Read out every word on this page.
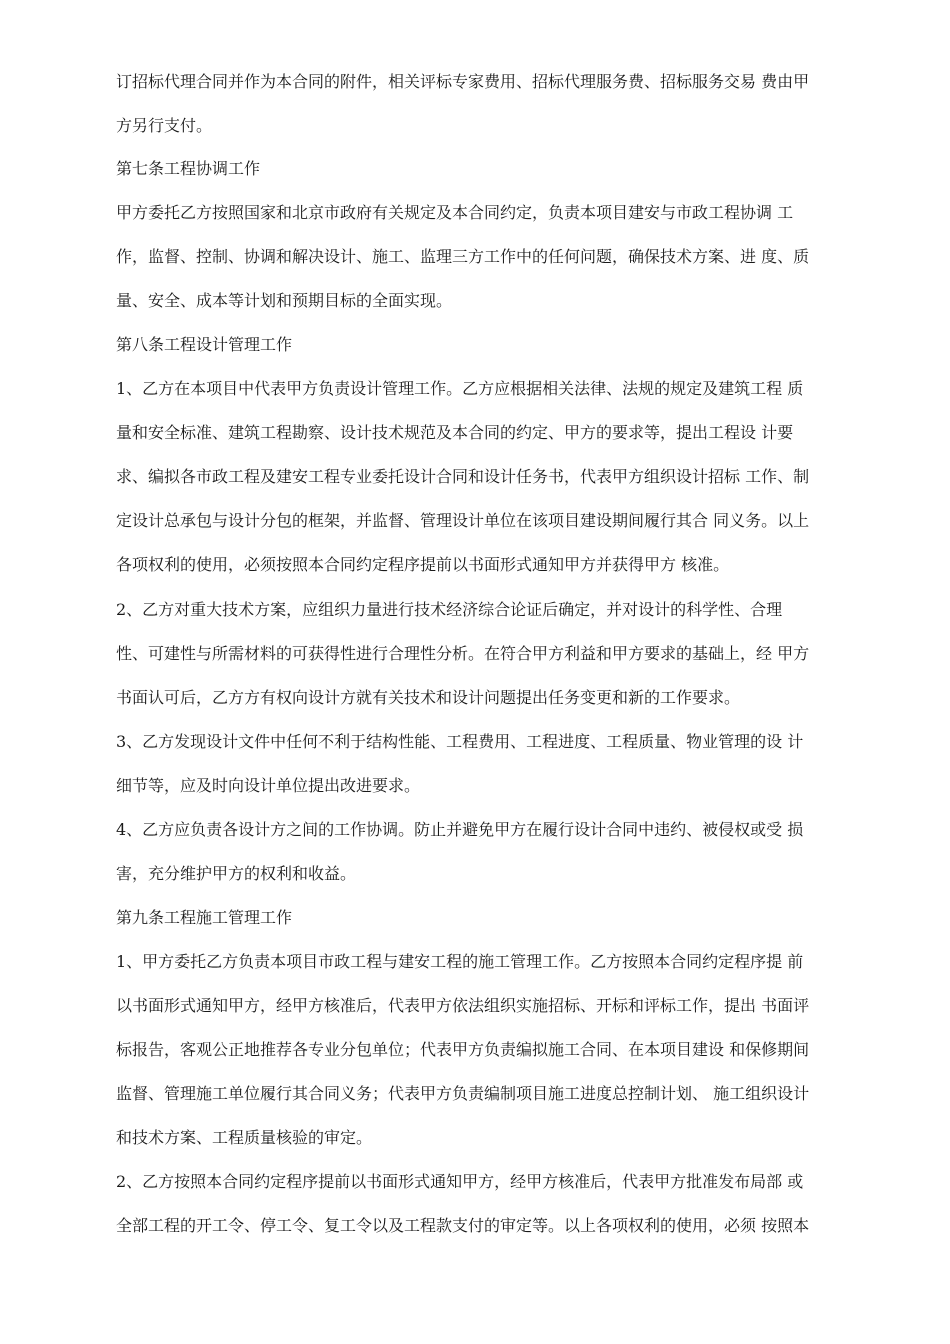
订招标代理合同并作为本合同的附件，相关评标专家费用、招标代理服务费、招标服务交易 费由甲
方另行支付。
第七条工程协调工作
甲方委托乙方按照国家和北京市政府有关规定及本合同约定，负责本项目建安与市政工程协调 工
作，监督、控制、协调和解决设计、施工、监理三方工作中的任何问题，确保技术方案、进 度、质
量、安全、成本等计划和预期目标的全面实现。
第八条工程设计管理工作
1、乙方在本项目中代表甲方负责设计管理工作。乙方应根据相关法律、法规的规定及建筑工程 质
量和安全标准、建筑工程勘察、设计技术规范及本合同的约定、甲方的要求等，提出工程设 计要
求、编拟各市政工程及建安工程专业委托设计合同和设计任务书，代表甲方组织设计招标 工作、制
定设计总承包与设计分包的框架，并监督、管理设计单位在该项目建设期间履行其合 同义务。以上
各项权利的使用，必须按照本合同约定程序提前以书面形式通知甲方并获得甲方 核准。
2、乙方对重大技术方案，应组织力量进行技术经济综合论证后确定，并对设计的科学性、合理
性、可建性与所需材料的可获得性进行合理性分析。在符合甲方利益和甲方要求的基础上，经 甲方
书面认可后，乙方方有权向设计方就有关技术和设计问题提出任务变更和新的工作要求。
3、乙方发现设计文件中任何不利于结构性能、工程费用、工程进度、工程质量、物业管理的设 计
细节等，应及时向设计单位提出改进要求。
4、乙方应负责各设计方之间的工作协调。防止并避免甲方在履行设计合同中违约、被侵权或受 损
害，充分维护甲方的权利和收益。
第九条工程施工管理工作
1、甲方委托乙方负责本项目市政工程与建安工程的施工管理工作。乙方按照本合同约定程序提 前
以书面形式通知甲方，经甲方核准后，代表甲方依法组织实施招标、开标和评标工作，提出 书面评
标报告，客观公正地推荐各专业分包单位；代表甲方负责编拟施工合同、在本项目建设 和保修期间
监督、管理施工单位履行其合同义务；代表甲方负责编制项目施工进度总控制计划、 施工组织设计
和技术方案、工程质量核验的审定。
2、乙方按照本合同约定程序提前以书面形式通知甲方，经甲方核准后，代表甲方批准发布局部 或
全部工程的开工令、停工令、复工令以及工程款支付的审定等。以上各项权利的使用，必须 按照本
